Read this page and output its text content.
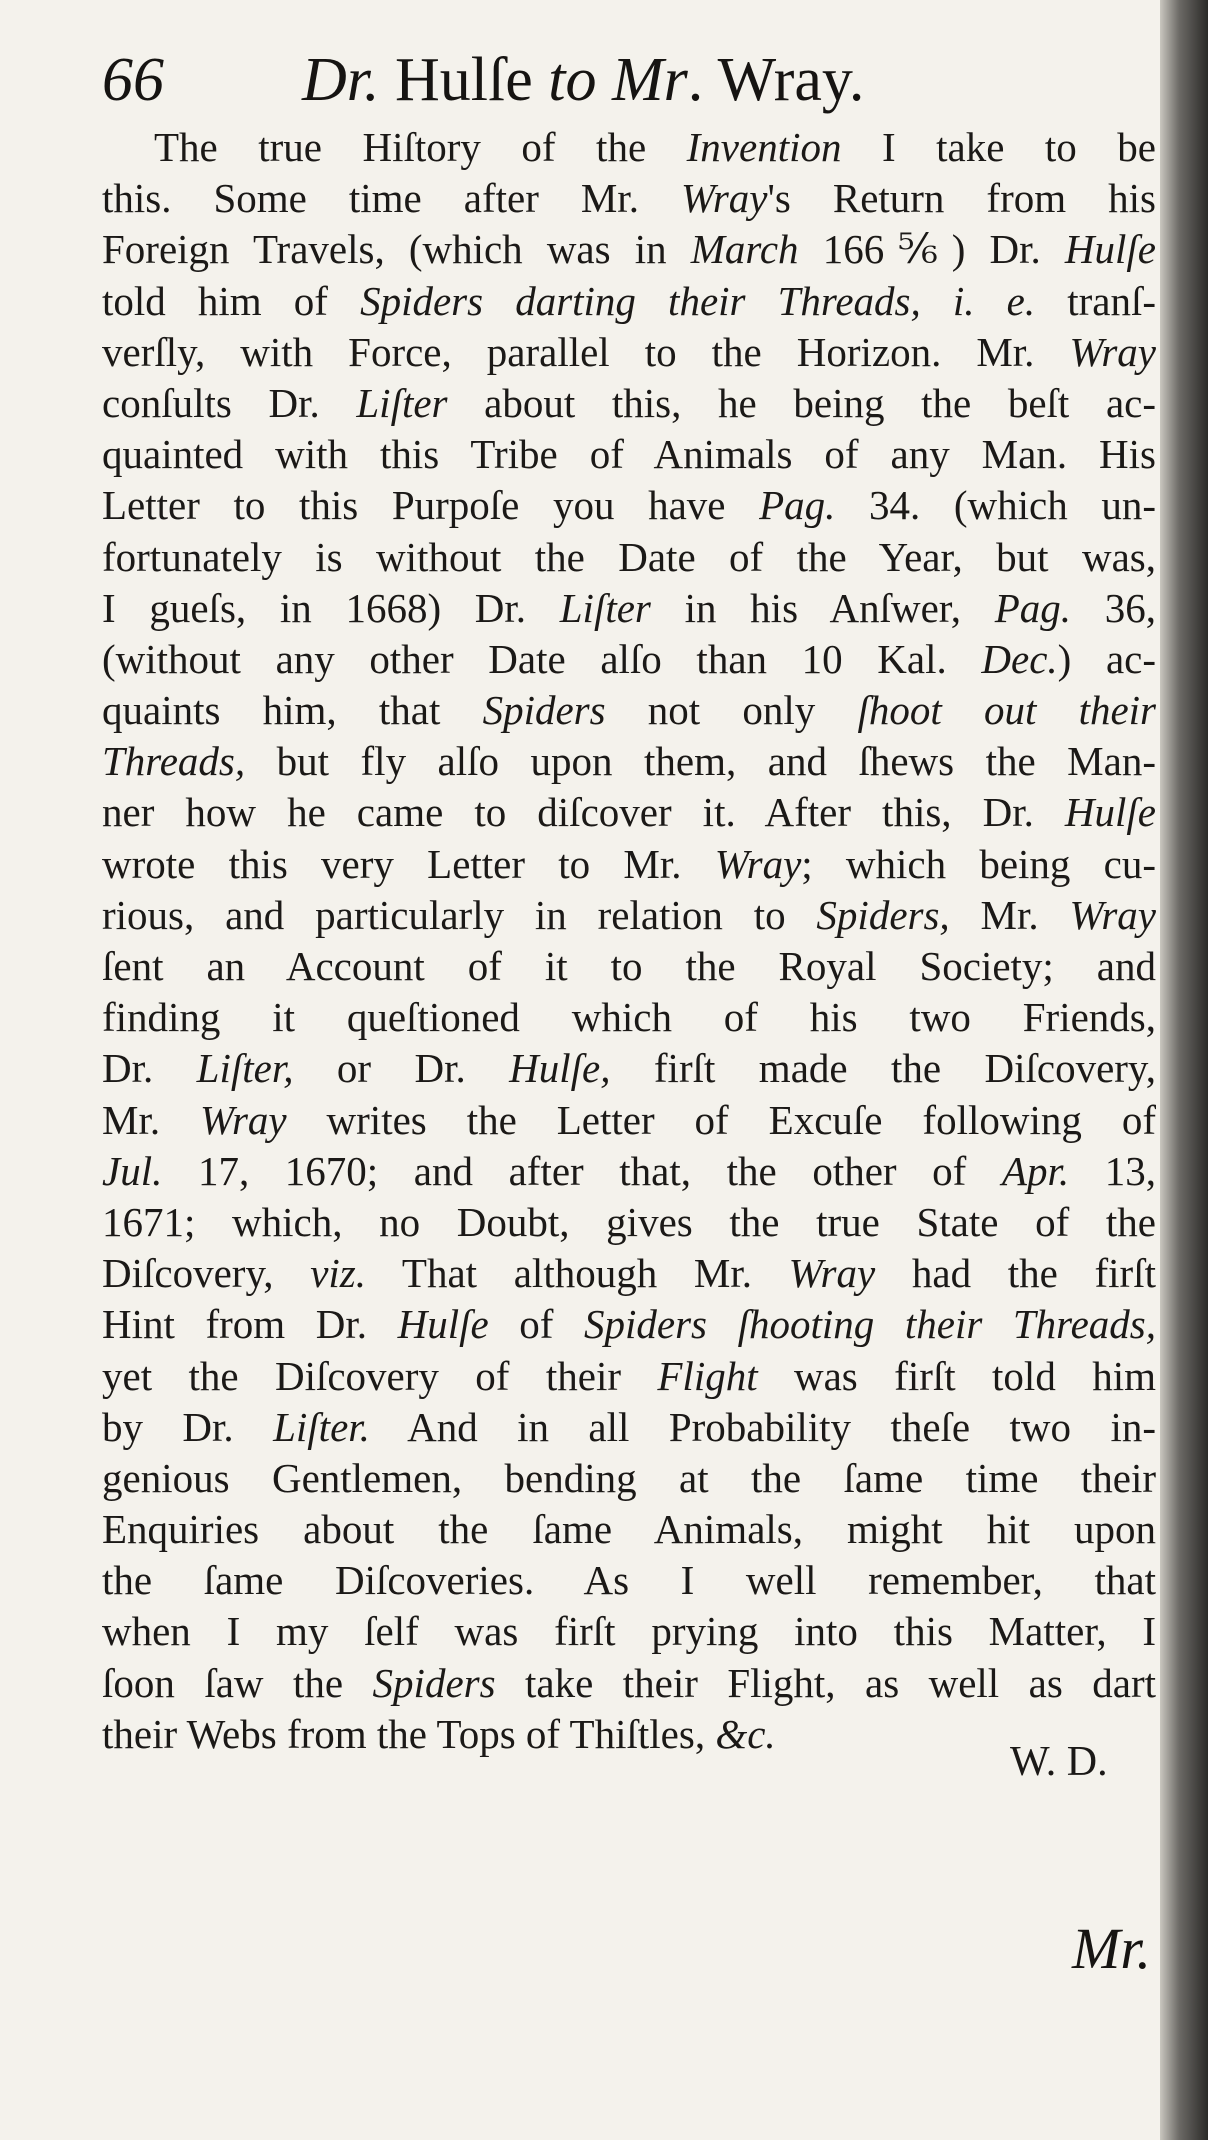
66 Dr. Hulſe to Mr. Wray.
The true Hiſtory of the Invention I take to be
this. Some time after Mr. Wray's Return from his
Foreign Travels, (which was in March 166⅚) Dr. Hulſe
told him of Spiders darting their Threads, i. e. tranſ-
verſly, with Force, parallel to the Horizon. Mr. Wray
conſults Dr. Liſter about this, he being the beſt ac-
quainted with this Tribe of Animals of any Man. His
Letter to this Purpoſe you have Pag. 34. (which un-
fortunately is without the Date of the Year, but was,
I gueſs, in 1668) Dr. Liſter in his Anſwer, Pag. 36,
(without any other Date alſo than 10 Kal. Dec.) ac-
quaints him, that Spiders not only ſhoot out their
Threads, but fly alſo upon them, and ſhews the Man-
ner how he came to diſcover it. After this, Dr. Hulſe
wrote this very Letter to Mr. Wray; which being cu-
rious, and particularly in relation to Spiders, Mr. Wray
ſent an Account of it to the Royal Society; and
finding it queſtioned which of his two Friends,
Dr. Liſter, or Dr. Hulſe, firſt made the Diſcovery,
Mr. Wray writes the Letter of Excuſe following of
Jul. 17, 1670; and after that, the other of Apr. 13,
1671; which, no Doubt, gives the true State of the
Diſcovery, viz. That although Mr. Wray had the firſt
Hint from Dr. Hulſe of Spiders ſhooting their Threads,
yet the Diſcovery of their Flight was firſt told him
by Dr. Liſter. And in all Probability theſe two in-
genious Gentlemen, bending at the ſame time their
Enquiries about the ſame Animals, might hit upon
the ſame Diſcoveries. As I well remember, that
when I my ſelf was firſt prying into this Matter, I
ſoon ſaw the Spiders take their Flight, as well as dart
their Webs from the Tops of Thiſtles, &c.
W. D.
Mr.
